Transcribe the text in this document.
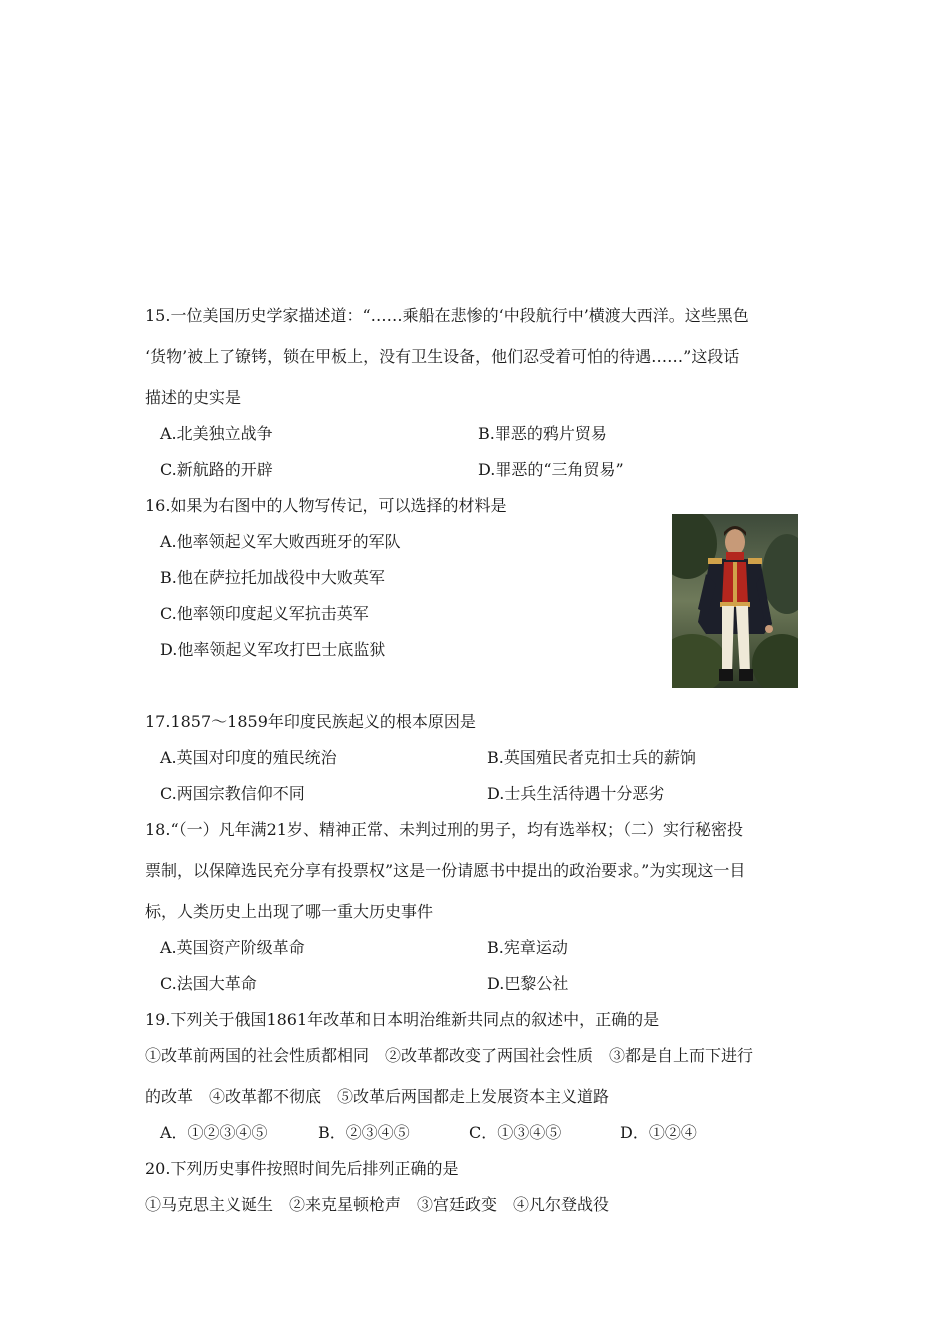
15.一位美国历史学家描述道：“……乘船在悲惨的‘中段航行中’横渡大西洋。这些黑色
‘货物’被上了镣铐，锁在甲板上，没有卫生设备，他们忍受着可怕的待遇……”这段话
描述的史实是
A.北美独立战争	B.罪恶的鸦片贸易
C.新航路的开辟	D.罪恶的“三角贸易”
16.如果为右图中的人物写传记，可以选择的材料是
A.他率领起义军大败西班牙的军队
B.他在萨拉托加战役中大败英军
C.他率领印度起义军抗击英军
D.他率领起义军攻打巴士底监狱
17.1857～1859年印度民族起义的根本原因是
A.英国对印度的殖民统治	B.英国殖民者克扣士兵的薪饷
C.两国宗教信仰不同	D.士兵生活待遇十分恶劣
18.“（一）凡年满21岁、精神正常、未判过刑的男子，均有选举权；（二）实行秘密投
票制，以保障选民充分享有投票权”这是一份请愿书中提出的政治要求。”为实现这一目
标，人类历史上出现了哪一重大历史事件
A.英国资产阶级革命	B.宪章运动
C.法国大革命	D.巴黎公社
19.下列关于俄国1861年改革和日本明治维新共同点的叙述中，正确的是
①改革前两国的社会性质都相同　②改革都改变了两国社会性质　③都是自上而下进行
的改革　④改革都不彻底　⑤改革后两国都走上发展资本主义道路
A．①②③④⑤	B．②③④⑤	C．①③④⑤	D．①②④
20.下列历史事件按照时间先后排列正确的是
①马克思主义诞生　②来克星顿枪声　③宫廷政变　④凡尔登战役
